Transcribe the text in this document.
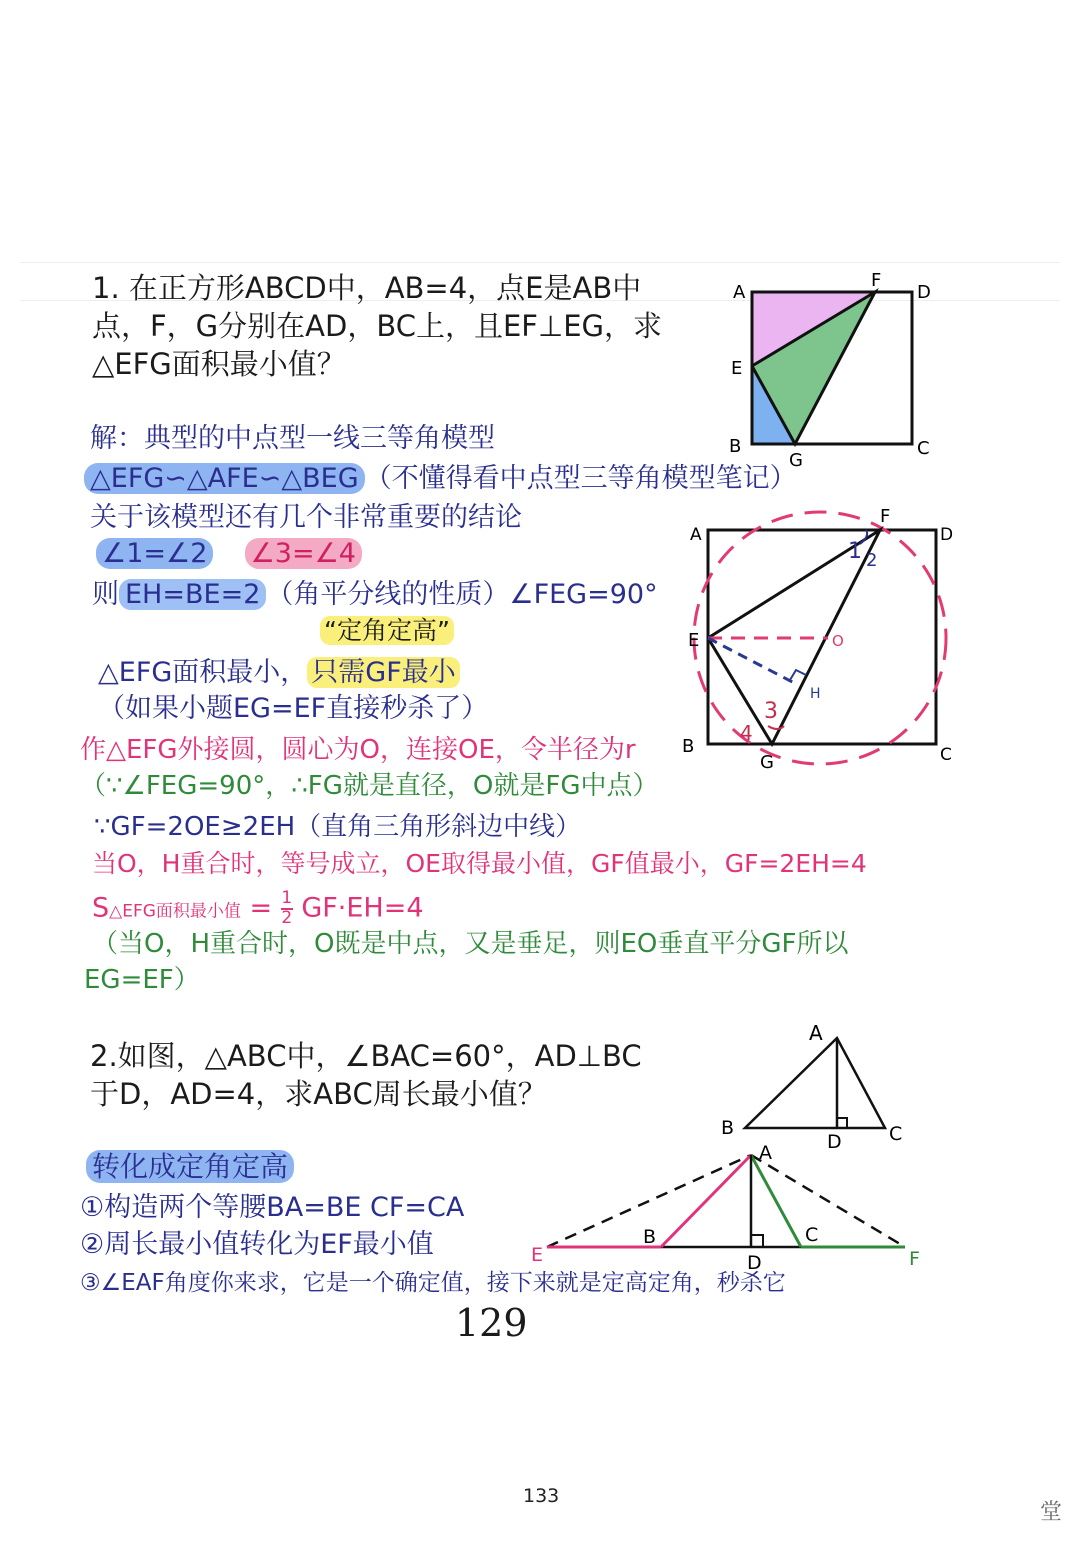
1. 在正方形ABCD中，AB=4，点E是AB中
点，F，G分别在AD，BC上，且EF⊥EG，求
△EFG面积最小值？
A
F
D
E
B
G
C
解：典型的中点型一线三等角模型
△EFG∽△AFE∽△BEG （不懂得看中点型三等角模型笔记）
关于该模型还有几个非常重要的结论
∠1=∠2 ∠3=∠4
则 EH=BE=2 （角平分线的性质）∠FEG=90°
“定角定高”
△EFG面积最小， 只需GF最小
（如果小题EG=EF直接秒杀了）
作△EFG外接圆，圆心为O，连接OE，令半径为r
（∵∠FEG=90°，∴FG就是直径，O就是FG中点）
∵GF=2OE≥2EH（直角三角形斜边中线）
当O，H重合时，等号成立，OE取得最小值，GF值最小，GF=2EH=4
S△EFG面积最小值 = $\frac{1}{2} GF\cdot EH=4$
（当O，H重合时，O既是中点，又是垂足，则EO垂直平分GF所以
EG=EF）
A
F
D
E	O
H
B
G	C
1 2
3
4
2.如图，△ABC中，∠BAC=60°，AD⊥BC
于D，AD=4，求ABC周长最小值？
A
B
D C
转化成定角定高
①构造两个等腰BA=BE CF=CA
②周长最小值转化为EF最小值
③∠EAF角度你来求，它是一个确定值，接下来就是定高定角，秒杀它
A
B	C
D
E	F
129
133
堂
